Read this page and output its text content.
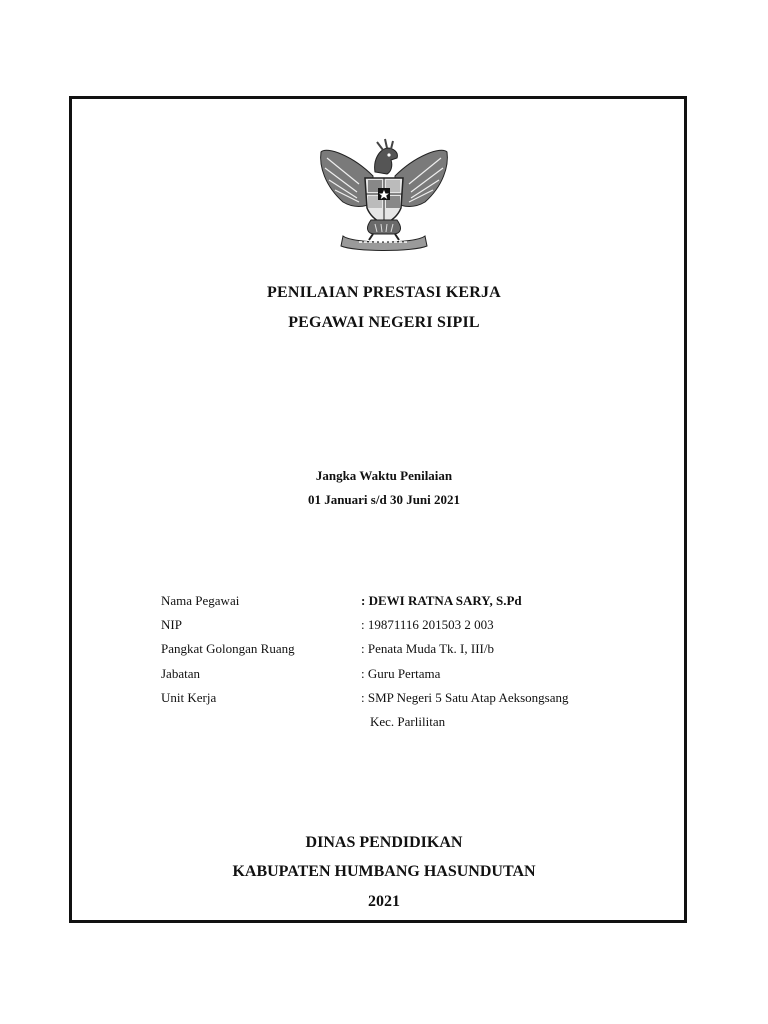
PENILAIAN PRESTASI KERJA
PEGAWAI NEGERI SIPIL
Jangka Waktu Penilaian
01 Januari s/d 30 Juni 2021
Nama Pegawai	: DEWI RATNA SARY, S.Pd
NIP	: 19871116 201503 2 003
Pangkat Golongan Ruang	: Penata Muda Tk. I, III/b
Jabatan	: Guru Pertama
Unit Kerja	: SMP Negeri 5 Satu Atap Aeksongsang
Kec. Parlilitan
DINAS PENDIDIKAN
KABUPATEN HUMBANG HASUNDUTAN
2021
